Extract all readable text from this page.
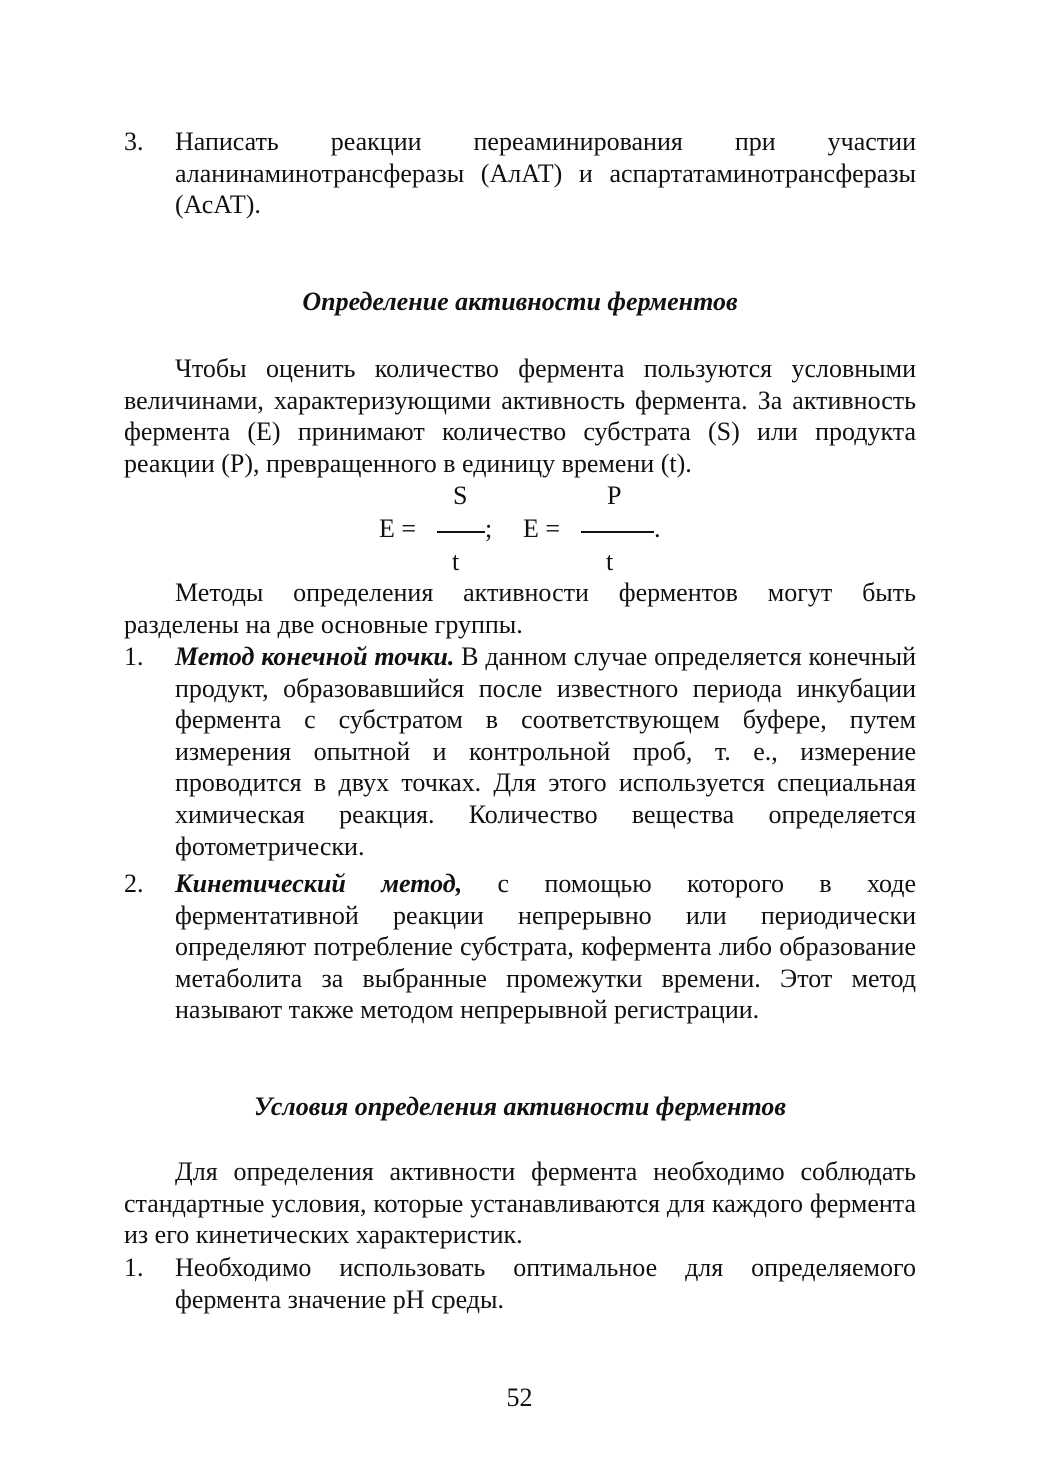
3. Написать реакции переаминирования при участии аланинаминотрансферазы (АлАТ) и аспартатаминотрансферазы (АсАТ).
Определение активности ферментов
Чтобы оценить количество фермента пользуются условными величинами, характеризующими активность фермента. За активность фермента (Е) принимают количество субстрата (S) или продукта реакции (Р), превращенного в единицу времени (t).
S
E =	;
t
P
E =	.
t
Методы определения активности ферментов могут быть разделены на две основные группы.
1. Метод конечной точки. В данном случае определяется конечный продукт, образовавшийся после известного периода инкубации фермента с субстратом в соответствующем буфере, путем измерения опытной и контрольной проб, т. е., измерение проводится в двух точках. Для этого используется специальная химическая реакция. Количество вещества определяется фотометрически.
2. Кинетический метод, с помощью которого в ходе ферментативной реакции непрерывно или периодически определяют потребление субстрата, кофермента либо образование метаболита за выбранные промежутки времени. Этот метод называют также методом непрерывной регистрации.
Условия определения активности ферментов
Для определения активности фермента необходимо соблюдать стандартные условия, которые устанавливаются для каждого фермента из его кинетических характеристик.
1. Необходимо использовать оптимальное для определяемого фермента значение рН среды.
52
